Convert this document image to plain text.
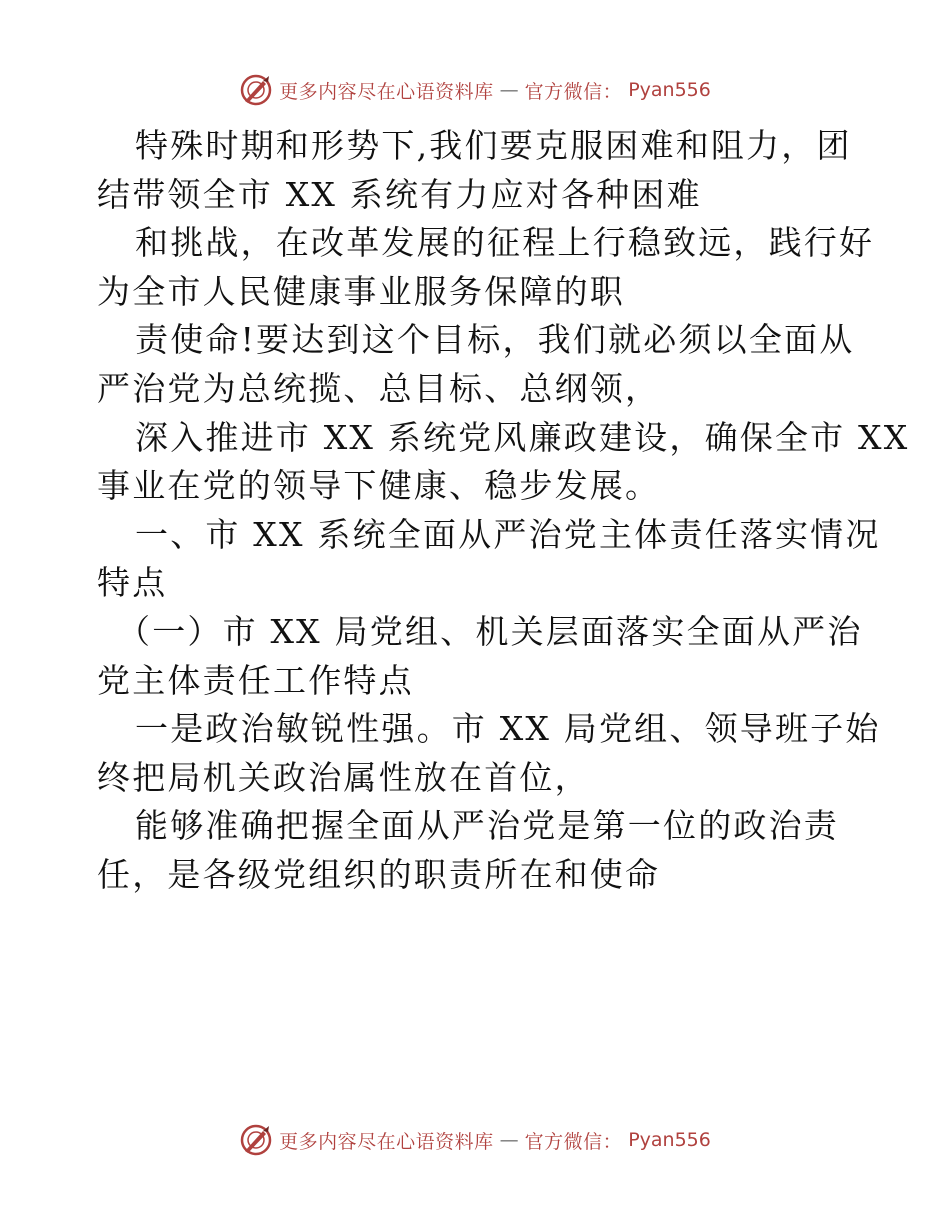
更多内容尽在心语资料库 — 官方微信： Pyan556
特殊时期和形势下,我们要克服困难和阻力，团
结带领全市 XX 系统有力应对各种困难
和挑战，在改革发展的征程上行稳致远，践行好
为全市人民健康事业服务保障的职
责使命!要达到这个目标，我们就必须以全面从
严治党为总统揽、总目标、总纲领，
深入推进市 XX 系统党风廉政建设，确保全市 XX
事业在党的领导下健康、稳步发展。
一、市 XX 系统全面从严治党主体责任落实情况
特点
（一）市 XX 局党组、机关层面落实全面从严治
党主体责任工作特点
一是政治敏锐性强。市 XX 局党组、领导班子始
终把局机关政治属性放在首位，
能够准确把握全面从严治党是第一位的政治责
任，是各级党组织的职责所在和使命
更多内容尽在心语资料库 — 官方微信： Pyan556
